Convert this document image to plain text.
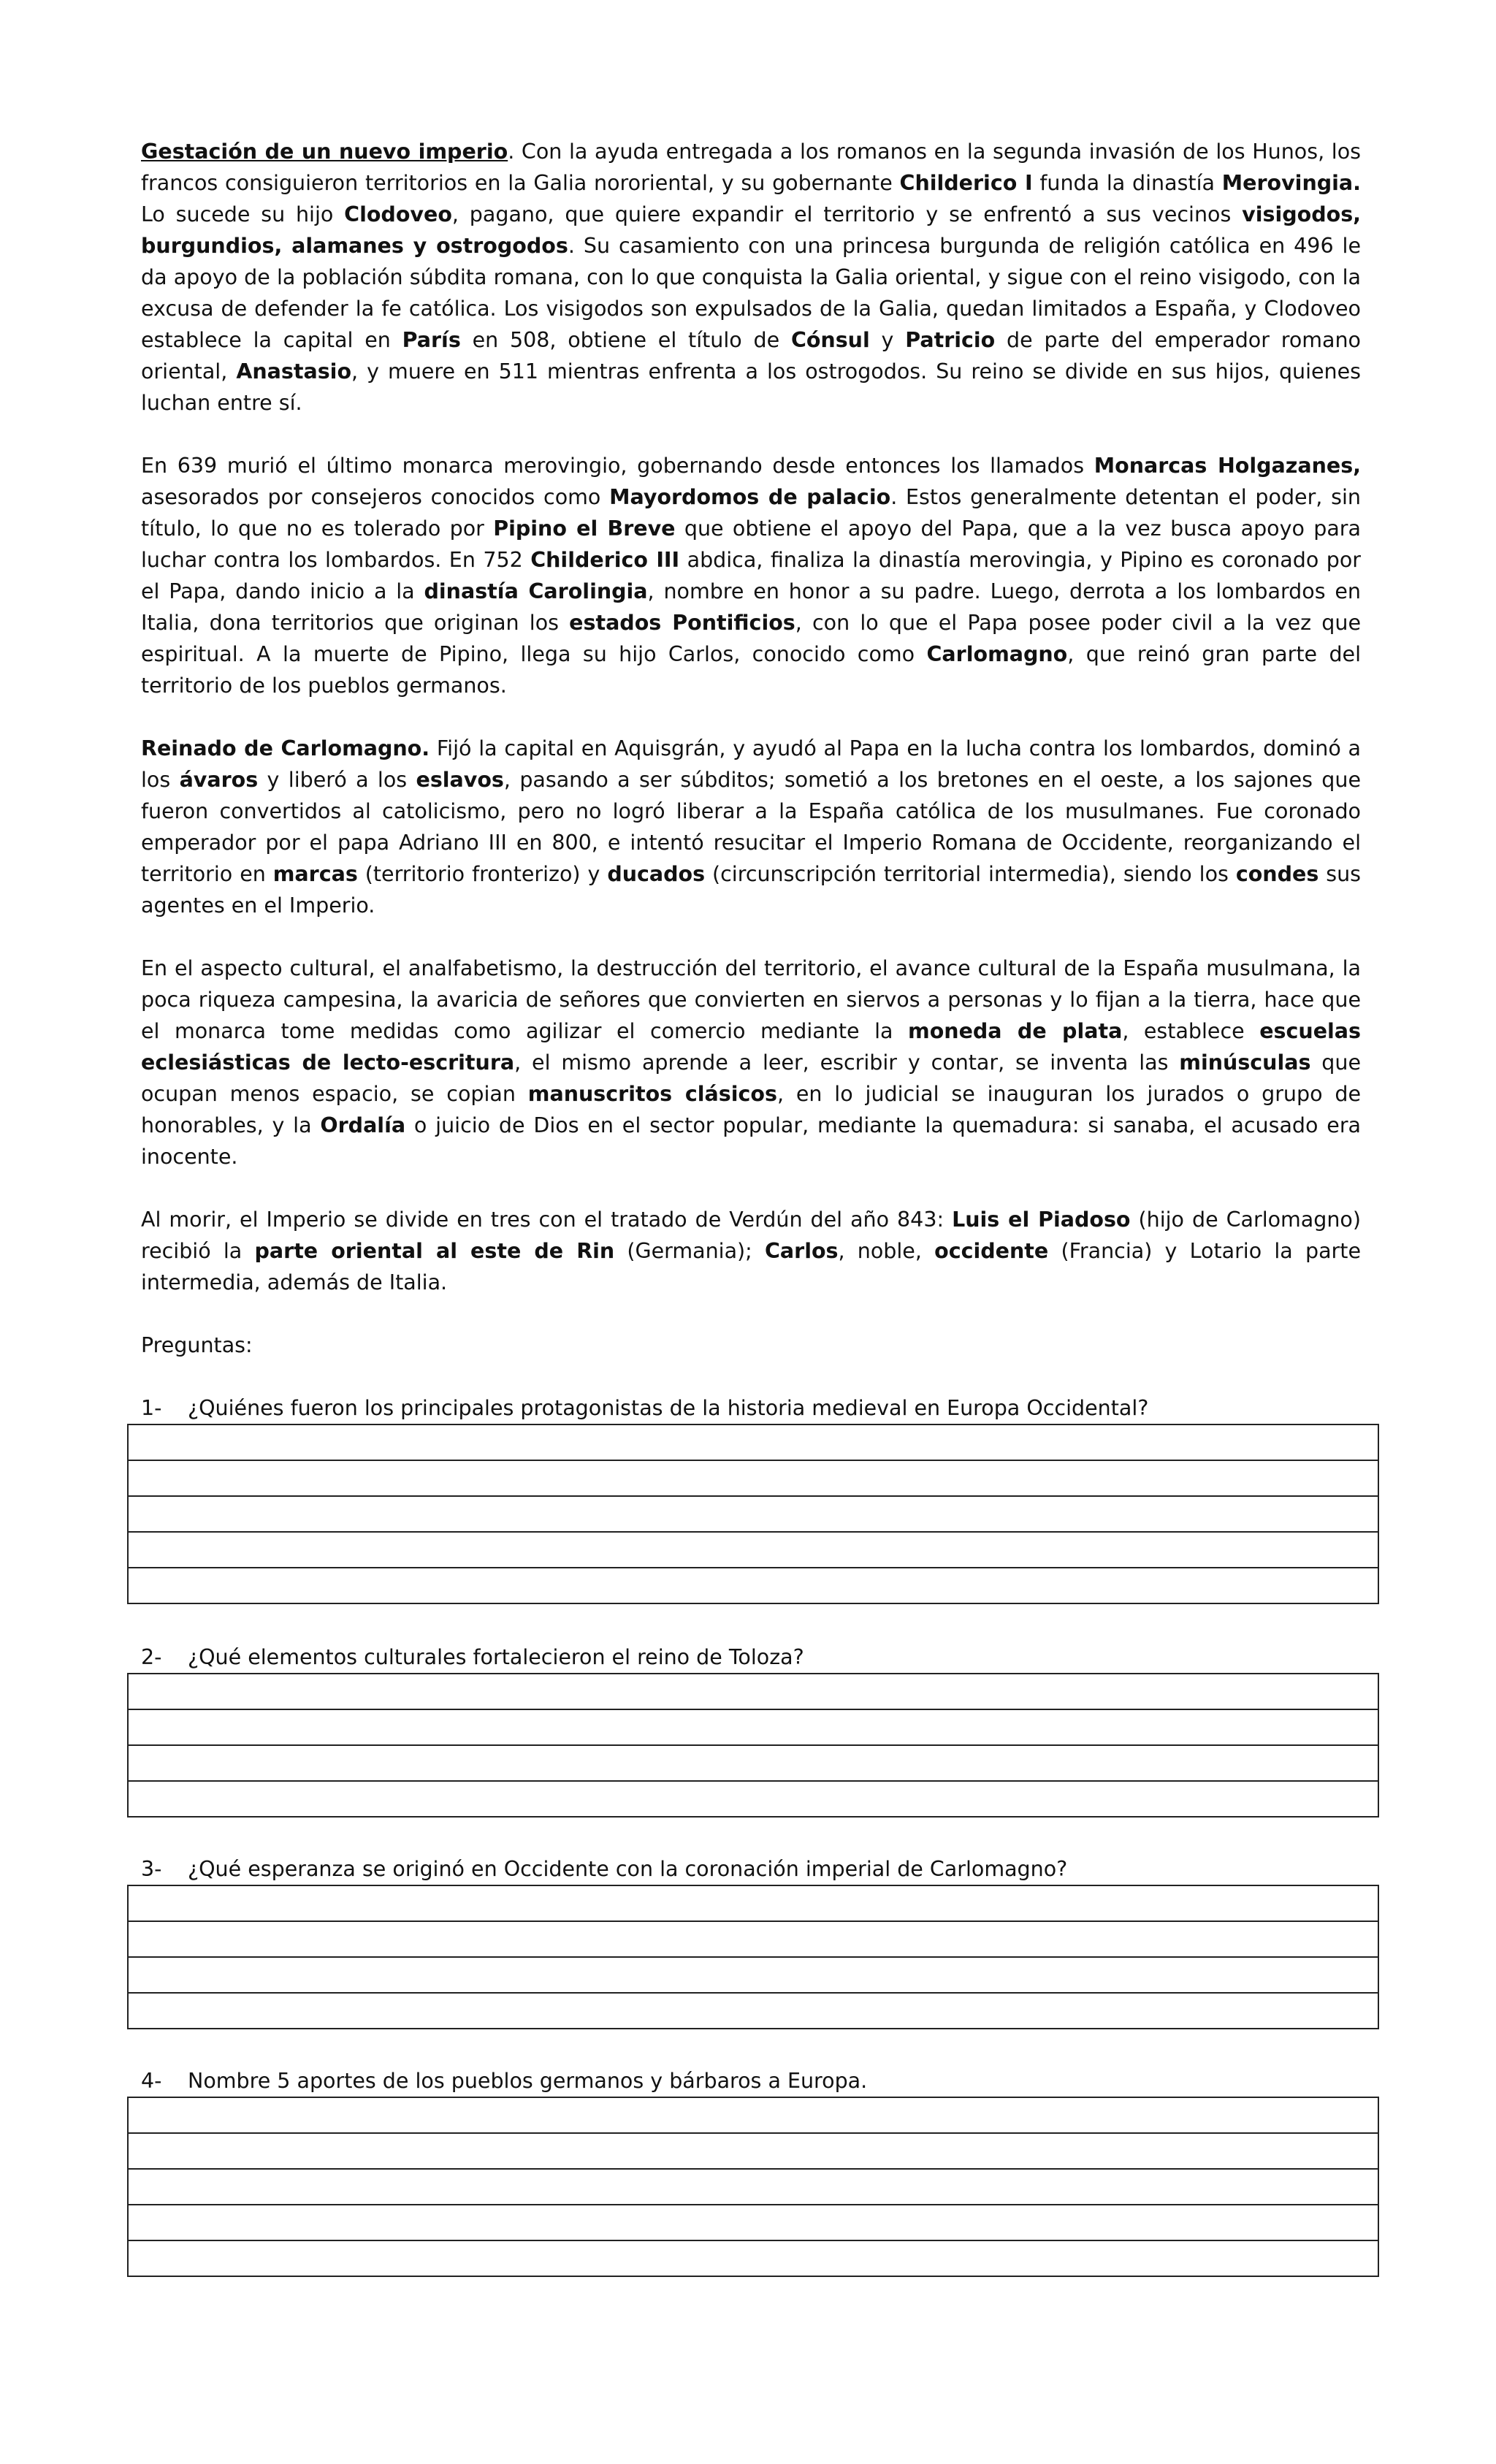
Gestación de un nuevo imperio. Con la ayuda entregada a los romanos en la segunda invasión de los Hunos, los francos consiguieron territorios en la Galia nororiental, y su gobernante Childerico I funda la dinastía Merovingia. Lo sucede su hijo Clodoveo, pagano, que quiere expandir el territorio y se enfrentó a sus vecinos visigodos, burgundios, alamanes y ostrogodos. Su casamiento con una princesa burgunda de religión católica en 496 le da apoyo de la población súbdita romana, con lo que conquista la Galia oriental, y sigue con el reino visigodo, con la excusa de defender la fe católica. Los visigodos son expulsados de la Galia, quedan limitados a España, y Clodoveo establece la capital en París en 508, obtiene el título de Cónsul y Patricio de parte del emperador romano oriental, Anastasio, y muere en 511 mientras enfrenta a los ostrogodos. Su reino se divide en sus hijos, quienes luchan entre sí.

En 639 murió el último monarca merovingio, gobernando desde entonces los llamados Monarcas Holgazanes, asesorados por consejeros conocidos como Mayordomos de palacio. Estos generalmente detentan el poder, sin título, lo que no es tolerado por Pipino el Breve que obtiene el apoyo del Papa, que a la vez busca apoyo para luchar contra los lombardos. En 752 Childerico III abdica, finaliza la dinastía merovingia, y Pipino es coronado por el Papa, dando inicio a la dinastía Carolingia, nombre en honor a su padre. Luego, derrota a los lombardos en Italia, dona territorios que originan los estados Pontificios, con lo que el Papa posee poder civil a la vez que espiritual. A la muerte de Pipino, llega su hijo Carlos, conocido como Carlomagno, que reinó gran parte del territorio de los pueblos germanos.

Reinado de Carlomagno. Fijó la capital en Aquisgrán, y ayudó al Papa en la lucha contra los lombardos, dominó a los ávaros y liberó a los eslavos, pasando a ser súbditos; sometió a los bretones en el oeste, a los sajones que fueron convertidos al catolicismo, pero no logró liberar a la España católica de los musulmanes. Fue coronado emperador por el papa Adriano III en 800, e intentó resucitar el Imperio Romana de Occidente, reorganizando el territorio en marcas (territorio fronterizo) y ducados (circunscripción territorial intermedia), siendo los condes sus agentes en el Imperio.

En el aspecto cultural, el analfabetismo, la destrucción del territorio, el avance cultural de la España musulmana, la poca riqueza campesina, la avaricia de señores que convierten en siervos a personas y lo fijan a la tierra, hace que el monarca tome medidas como agilizar el comercio mediante la moneda de plata, establece escuelas eclesiásticas de lecto-escritura, el mismo aprende a leer, escribir y contar, se inventa las minúsculas que ocupan menos espacio, se copian manuscritos clásicos, en lo judicial se inauguran los jurados o grupo de honorables, y la Ordalía o juicio de Dios en el sector popular, mediante la quemadura: si sanaba, el acusado era inocente.

Al morir, el Imperio se divide en tres con el tratado de Verdún del año 843: Luis el Piadoso (hijo de Carlomagno) recibió la parte oriental al este de Rin (Germania); Carlos, noble, occidente (Francia) y Lotario la parte intermedia, además de Italia.

Preguntas:

1-	¿Quiénes fueron los principales protagonistas de la historia medieval en Europa Occidental?

2-	¿Qué elementos culturales fortalecieron el reino de Toloza?

3-	¿Qué esperanza se originó en Occidente con la coronación imperial de Carlomagno?

4-	Nombre 5 aportes de los pueblos germanos y bárbaros a Europa.
